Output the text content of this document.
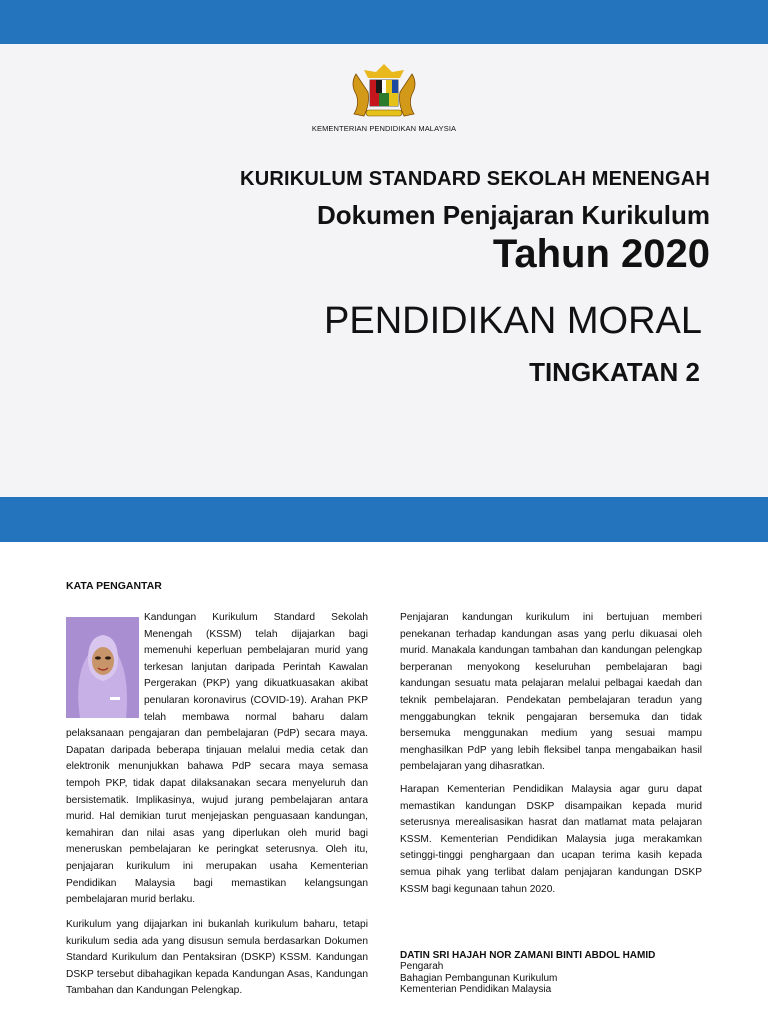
KEMENTERIAN PENDIDIKAN MALAYSIA
KURIKULUM STANDARD SEKOLAH MENENGAH
Dokumen Penjajaran Kurikulum
Tahun 2020
PENDIDIKAN MORAL
TINGKATAN 2
KATA PENGANTAR

Kandungan Kurikulum Standard Sekolah Menengah (KSSM) telah dijajarkan bagi memenuhi keperluan pembelajaran murid yang terkesan lanjutan daripada Perintah Kawalan Pergerakan (PKP) yang dikuatkuasakan akibat penularan koronavirus (COVID-19). Arahan PKP telah membawa normal baharu dalam pelaksanaan pengajaran dan pembelajaran (PdP) secara maya. Dapatan daripada beberapa tinjauan melalui media cetak dan elektronik menunjukkan bahawa PdP secara maya semasa tempoh PKP, tidak dapat dilaksanakan secara menyeluruh dan bersistematik. Implikasinya, wujud jurang pembelajaran antara murid. Hal demikian turut menjejaskan penguasaan kandungan, kemahiran dan nilai asas yang diperlukan oleh murid bagi meneruskan pembelajaran ke peringkat seterusnya. Oleh itu, penjajaran kurikulum ini merupakan usaha Kementerian Pendidikan Malaysia bagi memastikan kelangsungan pembelajaran murid berlaku.

Kurikulum yang dijajarkan ini bukanlah kurikulum baharu, tetapi kurikulum sedia ada yang disusun semula berdasarkan Dokumen Standard Kurikulum dan Pentaksiran (DSKP) KSSM. Kandungan DSKP tersebut dibahagikan kepada Kandungan Asas, Kandungan Tambahan dan Kandungan Pelengkap.

Penjajaran kandungan kurikulum ini bertujuan memberi penekanan terhadap kandungan asas yang perlu dikuasai oleh murid. Manakala kandungan tambahan dan kandungan pelengkap berperanan menyokong keseluruhan pembelajaran bagi kandungan sesuatu mata pelajaran melalui pelbagai kaedah dan teknik pembelajaran. Pendekatan pembelajaran teradun yang menggabungkan teknik pengajaran bersemuka dan tidak bersemuka menggunakan medium yang sesuai mampu menghasilkan PdP yang lebih fleksibel tanpa mengabaikan hasil pembelajaran yang dihasratkan.

Harapan Kementerian Pendidikan Malaysia agar guru dapat memastikan kandungan DSKP disampaikan kepada murid seterusnya merealisasikan hasrat dan matlamat mata pelajaran KSSM. Kementerian Pendidikan Malaysia juga merakamkan setinggi-tinggi penghargaan dan ucapan terima kasih kepada semua pihak yang terlibat dalam penjajaran kandungan DSKP KSSM bagi kegunaan tahun 2020.

DATIN SRI HAJAH NOR ZAMANI BINTI ABDOL HAMID
Pengarah
Bahagian Pembangunan Kurikulum
Kementerian Pendidikan Malaysia
